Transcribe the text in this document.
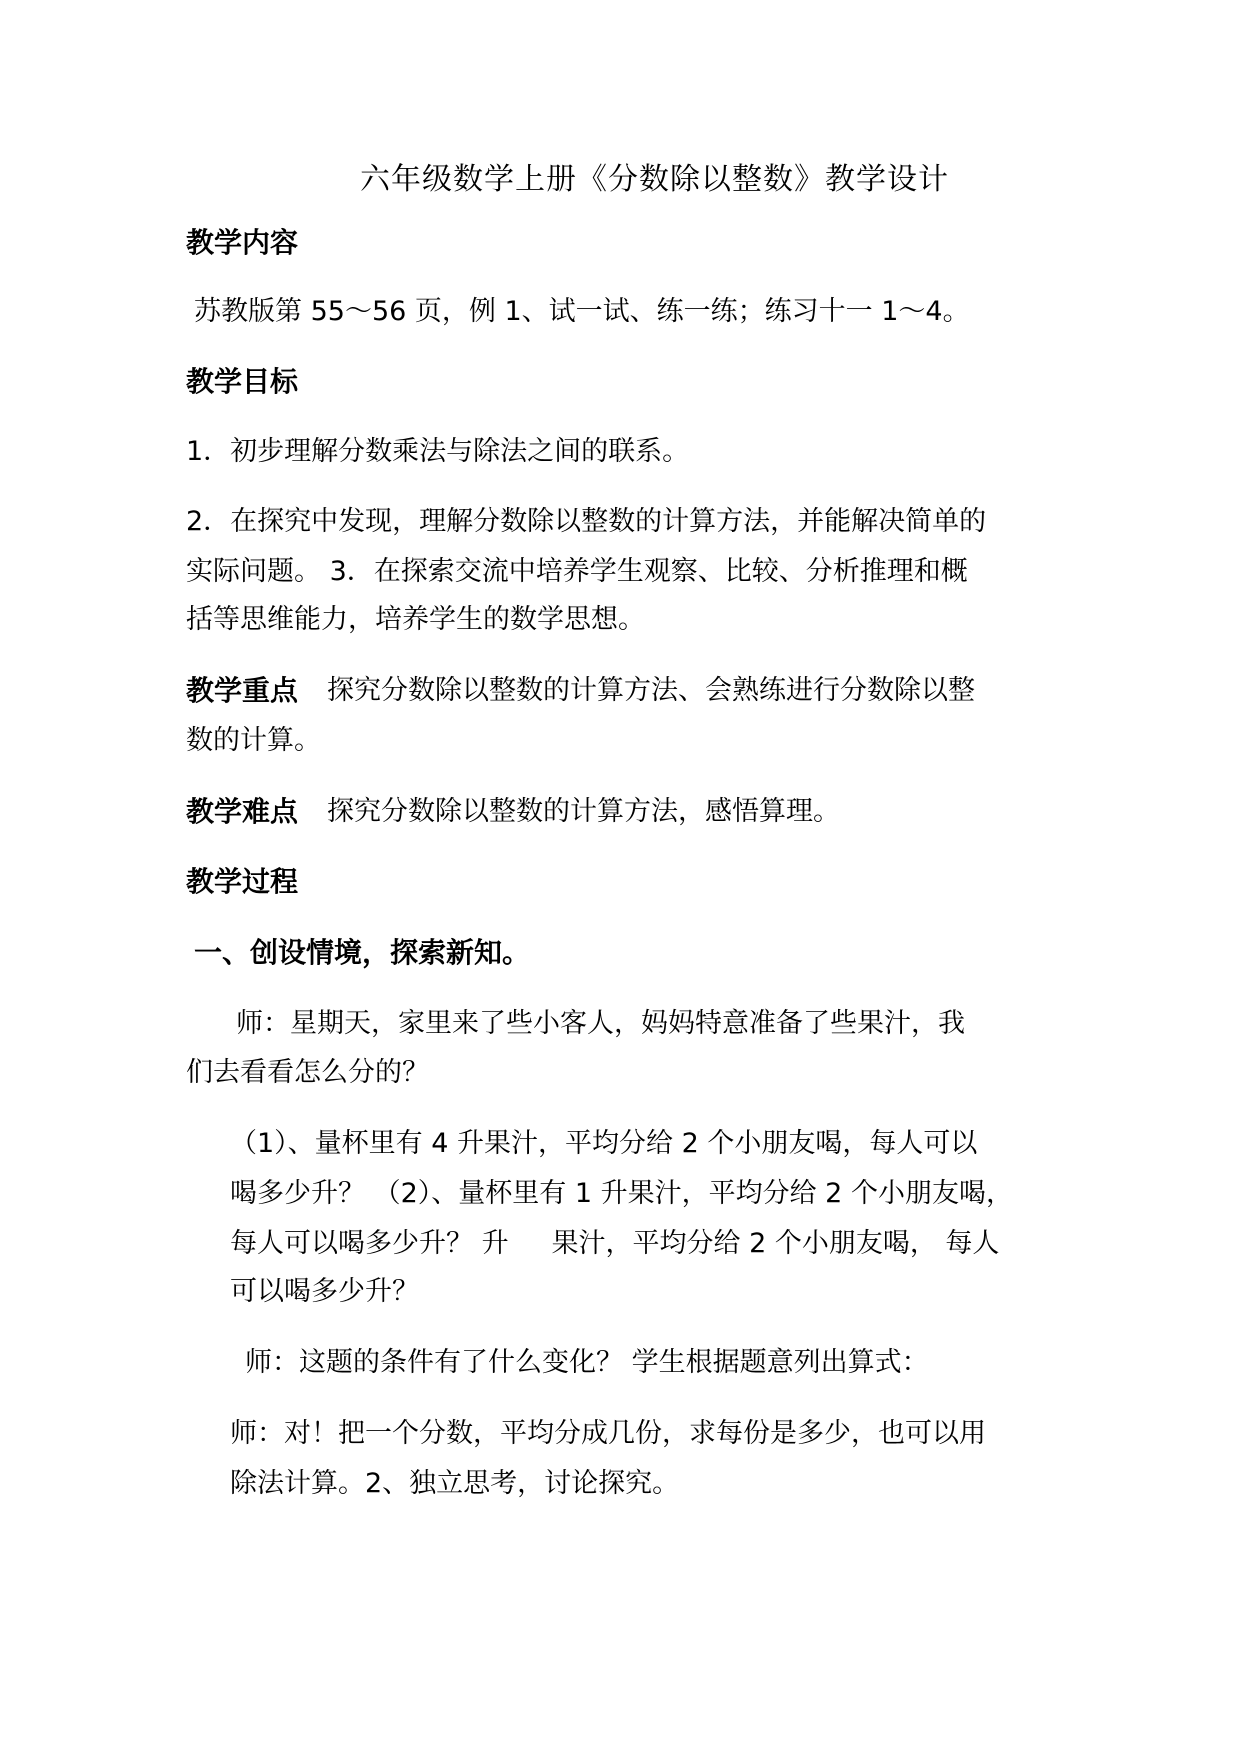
六年级数学上册《分数除以整数》教学设计

教学内容

苏教版第 55～56 页，例 1、试一试、练一练；练习十一 1～4。

教学目标

1．初步理解分数乘法与除法之间的联系。

2．在探究中发现，理解分数除以整数的计算方法，并能解决简单的

实际问题。 3．在探索交流中培养学生观察、比较、分析推理和概

括等思维能力，培养学生的数学思想。

教学重点 探究分数除以整数的计算方法、会熟练进行分数除以整

数的计算。

教学难点 探究分数除以整数的计算方法，感悟算理。

教学过程

一、创设情境，探索新知。

师：星期天，家里来了些小客人，妈妈特意准备了些果汁，我

们去看看怎么分的？

（1）、量杯里有 4 升果汁，平均分给 2 个小朋友喝，每人可以

喝多少升？ （2）、量杯里有 1 升果汁，平均分给 2 个小朋友喝，

每人可以喝多少升？ 升     果汁，平均分给 2 个小朋友喝， 每人

可以喝多少升？

师：这题的条件有了什么变化？ 学生根据题意列出算式：

师：对！把一个分数，平均分成几份，求每份是多少，也可以用

除法计算。2、独立思考，讨论探究。
